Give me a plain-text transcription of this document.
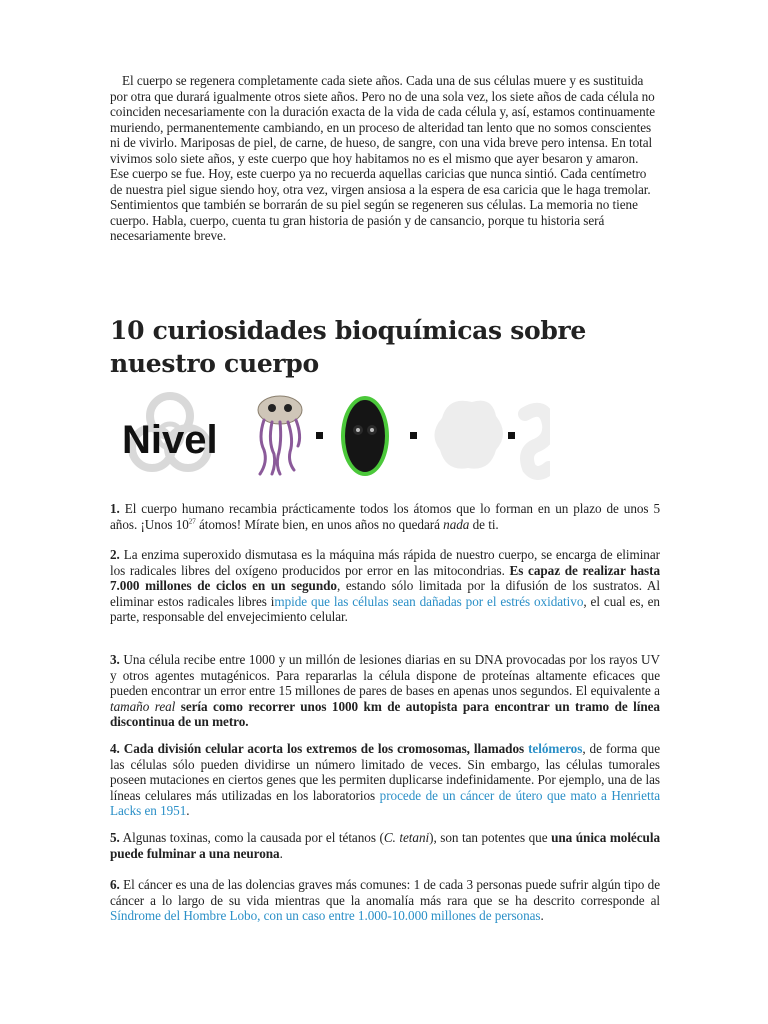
El cuerpo se regenera completamente cada siete años. Cada una de sus células muere y es sustituida por otra que durará igualmente otros siete años. Pero no de una sola vez, los siete años de cada célula no coinciden necesariamente con la duración exacta de la vida de cada célula y, así, estamos continuamente muriendo, permanentemente cambiando, en un proceso de alteridad tan lento que no somos conscientes ni de vivirlo. Mariposas de piel, de carne, de hueso, de sangre, con una vida breve pero intensa. En total vivimos solo siete años, y este cuerpo que hoy habitamos no es el mismo que ayer besaron y amaron. Ese cuerpo se fue. Hoy, este cuerpo ya no recuerda aquellas caricias que nunca sintió. Cada centímetro de nuestra piel sigue siendo hoy, otra vez, virgen ansiosa a la espera de esa caricia que le haga tremolar. Sentimientos que también se borrarán de su piel según se regeneren sus células. La memoria no tiene cuerpo. Habla, cuerpo, cuenta tu gran historia de pasión y de cansancio, porque tu historia será necesariamente breve.

10 curiosidades bioquímicas sobre nuestro cuerpo
Nivel

1. El cuerpo humano recambia prácticamente todos los átomos que lo forman en un plazo de unos 5 años. ¡Unos $10^{27}$ átomos! Mírate bien, en unos años no quedará nada de ti.

2. La enzima superoxido dismutasa es la máquina más rápida de nuestro cuerpo, se encarga de eliminar los radicales libres del oxígeno producidos por error en las mitocondrias. Es capaz de realizar hasta 7.000 millones de ciclos en un segundo, estando sólo limitada por la difusión de los sustratos. Al eliminar estos radicales libres impide que las células sean dañadas por el estrés oxidativo, el cual es, en parte, responsable del envejecimiento celular.

3. Una célula recibe entre 1000 y un millón de lesiones diarias en su DNA provocadas por los rayos UV y otros agentes mutagénicos. Para repararlas la célula dispone de proteínas altamente eficaces que pueden encontrar un error entre 15 millones de pares de bases en apenas unos segundos. El equivalente a tamaño real sería como recorrer unos 1000 km de autopista para encontrar un tramo de línea discontinua de un metro.

4. Cada división celular acorta los extremos de los cromosomas, llamados telómeros, de forma que las células sólo pueden dividirse un número limitado de veces. Sin embargo, las células tumorales poseen mutaciones en ciertos genes que les permiten duplicarse indefinidamente. Por ejemplo, una de las líneas celulares más utilizadas en los laboratorios procede de un cáncer de útero que mato a Henrietta Lacks en 1951.

5. Algunas toxinas, como la causada por el tétanos (C. tetani), son tan potentes que una única molécula puede fulminar a una neurona.

6. El cáncer es una de las dolencias graves más comunes: 1 de cada 3 personas puede sufrir algún tipo de cáncer a lo largo de su vida mientras que la anomalía más rara que se ha descrito corresponde al Síndrome del Hombre Lobo, con un caso entre 1.000-10.000 millones de personas.
